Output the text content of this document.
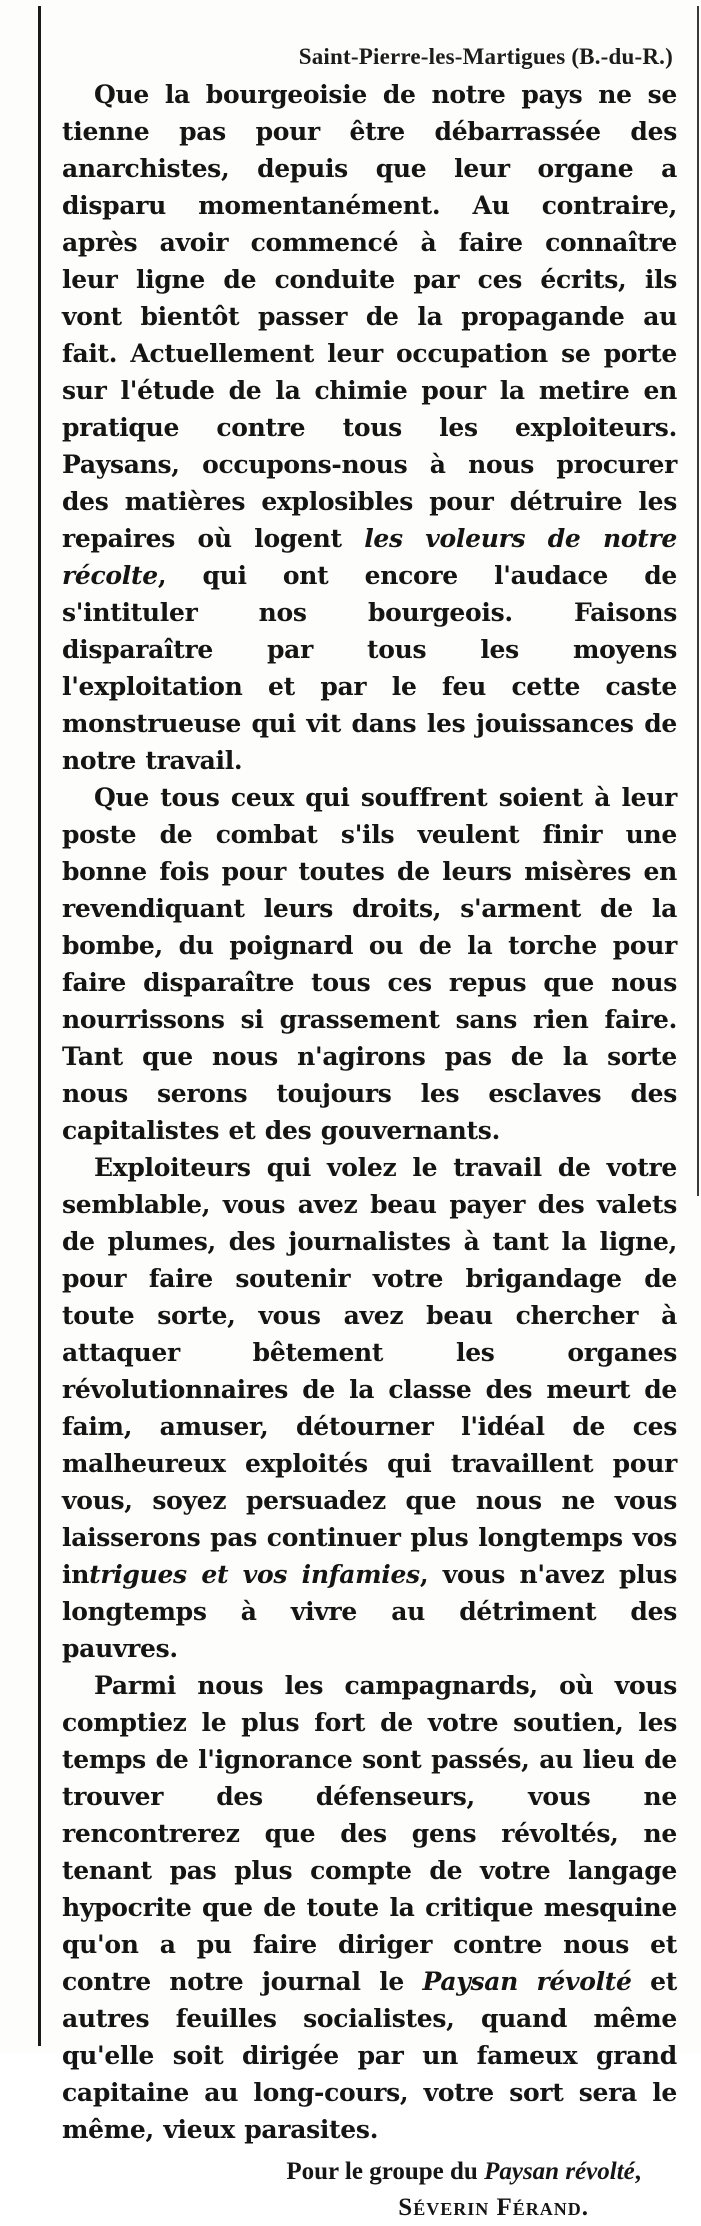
Saint-Pierre-les-Martigues (B.-du-R.)

Que la bourgeoisie de notre pays ne se tienne pas pour être débarrassée des anarchistes, depuis que leur organe a disparu momentanément. Au contraire, après avoir commencé à faire connaître leur ligne de conduite par ces écrits, ils vont bientôt passer de la propagande au fait. Actuellement leur occupation se porte sur l'étude de la chimie pour la metire en pratique contre tous les exploiteurs. Paysans, occupons-nous à nous procurer des matières explosibles pour détruire les repaires où logent les voleurs de notre récolte, qui ont encore l'audace de s'intituler nos bourgeois. Faisons disparaître par tous les moyens l'exploitation et par le feu cette caste monstrueuse qui vit dans les jouissances de notre travail.

Que tous ceux qui souffrent soient à leur poste de combat s'ils veulent finir une bonne fois pour toutes de leurs misères en revendiquant leurs droits, s'arment de la bombe, du poignard ou de la torche pour faire disparaître tous ces repus que nous nourrissons si grassement sans rien faire. Tant que nous n'agirons pas de la sorte nous serons toujours les esclaves des capitalistes et des gouvernants.

Exploiteurs qui volez le travail de votre semblable, vous avez beau payer des valets de plumes, des journalistes à tant la ligne, pour faire soutenir votre brigandage de toute sorte, vous avez beau chercher à attaquer bêtement les organes révolutionnaires de la classe des meurt de faim, amuser, détourner l'idéal de ces malheureux exploités qui travaillent pour vous, soyez persuadez que nous ne vous laisserons pas continuer plus longtemps vos intrigues et vos infamies, vous n'avez plus longtemps à vivre au détriment des pauvres.

Parmi nous les campagnards, où vous comptiez le plus fort de votre soutien, les temps de l'ignorance sont passés, au lieu de trouver des défenseurs, vous ne rencontrerez que des gens révoltés, ne tenant pas plus compte de votre langage hypocrite que de toute la critique mesquine qu'on a pu faire diriger contre nous et contre notre journal le Paysan révolté et autres feuilles socialistes, quand même qu'elle soit dirigée par un fameux grand capitaine au long-cours, votre sort sera le même, vieux parasites.

Pour le groupe du Paysan révolté,
Séverin Férand.
